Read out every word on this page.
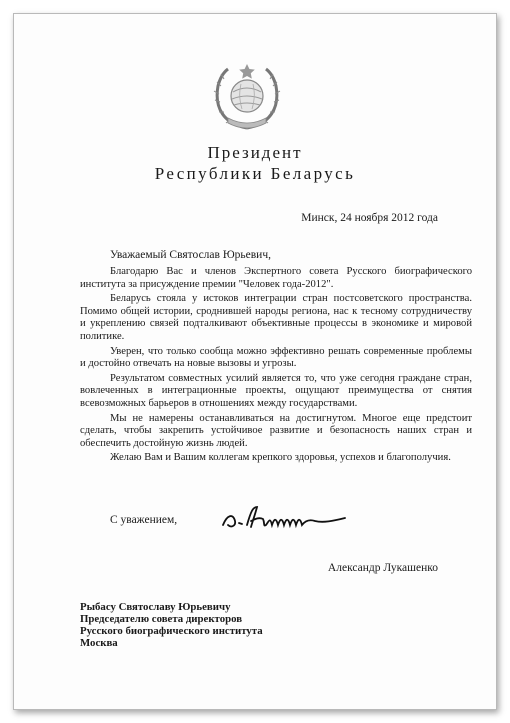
Президент
Республики Беларусь
Минск, 24 ноября 2012 года
Уважаемый Святослав Юрьевич,

Благодарю Вас и членов Экспертного совета Русского биографического института за присуждение премии "Человек года-2012".

Беларусь стояла у истоков интеграции стран постсоветского пространства. Помимо общей истории, сроднившей народы региона, нас к тесному сотрудничеству и укреплению связей подталкивают объективные процессы в экономике и мировой политике.

Уверен, что только сообща можно эффективно решать современные проблемы и достойно отвечать на новые вызовы и угрозы.

Результатом совместных усилий является то, что уже сегодня граждане стран, вовлеченных в интеграционные проекты, ощущают преимущества от снятия всевозможных барьеров в отношениях между государствами.

Мы не намерены останавливаться на достигнутом. Многое еще предстоит сделать, чтобы закрепить устойчивое развитие и безопасность наших стран и обеспечить достойную жизнь людей.

Желаю Вам и Вашим коллегам крепкого здоровья, успехов и благополучия.

С уважением,
Александр Лукашенко
Рыбасу Святославу Юрьевичу
Председателю совета директоров
Русского биографического института
Москва
